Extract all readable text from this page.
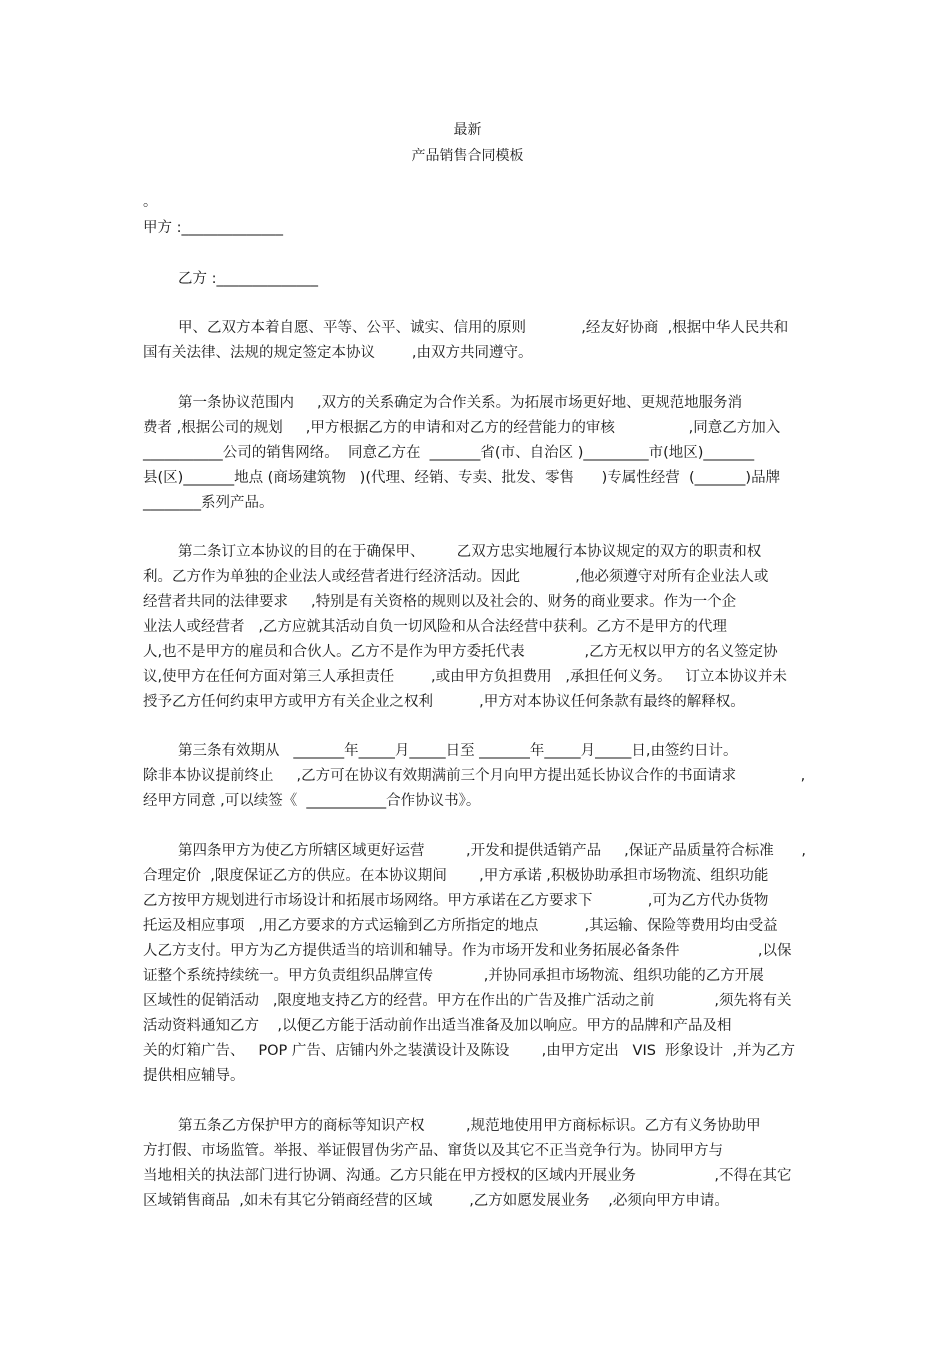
最新
产品销售合同模板
。
甲方 :______________
乙方 :______________
甲、乙双方本着自愿、平等、公平、诚实、信用的原则            ,经友好协商  ,根据中华人民共和
国有关法律、法规的规定签定本协议        ,由双方共同遵守。
第一条协议范围内     ,双方的关系确定为合作关系。为拓展市场更好地、更规范地服务消
费者 ,根据公司的规划     ,甲方根据乙方的申请和对乙方的经营能力的审核                ,同意乙方加入
___________公司的销售网络。  同意乙方在  _______省(市、自治区 )_________市(地区)_______
县(区)_______地点 (商场建筑物   )(代理、经销、专卖、批发、零售      )专属性经营  (_______)品牌
________系列产品。
第二条订立本协议的目的在于确保甲、       乙双方忠实地履行本协议规定的双方的职责和权
利。乙方作为单独的企业法人或经营者进行经济活动。因此            ,他必须遵守对所有企业法人或
经营者共同的法律要求     ,特别是有关资格的规则以及社会的、财务的商业要求。作为一个企
业法人或经营者   ,乙方应就其活动自负一切风险和从合法经营中获利。乙方不是甲方的代理
人,也不是甲方的雇员和合伙人。乙方不是作为甲方委托代表             ,乙方无权以甲方的名义签定协
议,使甲方在任何方面对第三人承担责任        ,或由甲方负担费用   ,承担任何义务。   订立本协议并未
授予乙方任何约束甲方或甲方有关企业之权利          ,甲方对本协议任何条款有最终的解释权。
第三条有效期从   _______年_____月_____日至 _______年_____月_____日,由签约日计。
除非本协议提前终止     ,乙方可在协议有效期满前三个月向甲方提出延长协议合作的书面请求              ,
经甲方同意 ,可以续签《  ___________合作协议书》。
第四条甲方为使乙方所辖区域更好运营         ,开发和提供适销产品     ,保证产品质量符合标准      ,
合理定价  ,限度保证乙方的供应。在本协议期间       ,甲方承诺 ,积极协助承担市场物流、组织功能
乙方按甲方规划进行市场设计和拓展市场网络。甲方承诺在乙方要求下            ,可为乙方代办货物
托运及相应事项   ,用乙方要求的方式运输到乙方所指定的地点          ,其运输、保险等费用均由受益
人乙方支付。甲方为乙方提供适当的培训和辅导。作为市场开发和业务拓展必备条件                 ,以保
证整个系统持续统一。甲方负责组织品牌宣传           ,并协同承担市场物流、组织功能的乙方开展
区域性的促销活动   ,限度地支持乙方的经营。甲方在作出的广告及推广活动之前             ,须先将有关
活动资料通知乙方    ,以便乙方能于活动前作出适当准备及加以响应。甲方的品牌和产品及相
关的灯箱广告、   POP 广告、店铺内外之装潢设计及陈设       ,由甲方定出   VIS  形象设计  ,并为乙方
提供相应辅导。
第五条乙方保护甲方的商标等知识产权         ,规范地使用甲方商标标识。乙方有义务协助甲
方打假、市场监管。举报、举证假冒伪劣产品、窜货以及其它不正当竞争行为。协同甲方与
当地相关的执法部门进行协调、沟通。乙方只能在甲方授权的区域内开展业务                 ,不得在其它
区域销售商品  ,如未有其它分销商经营的区域        ,乙方如愿发展业务    ,必须向甲方申请。
